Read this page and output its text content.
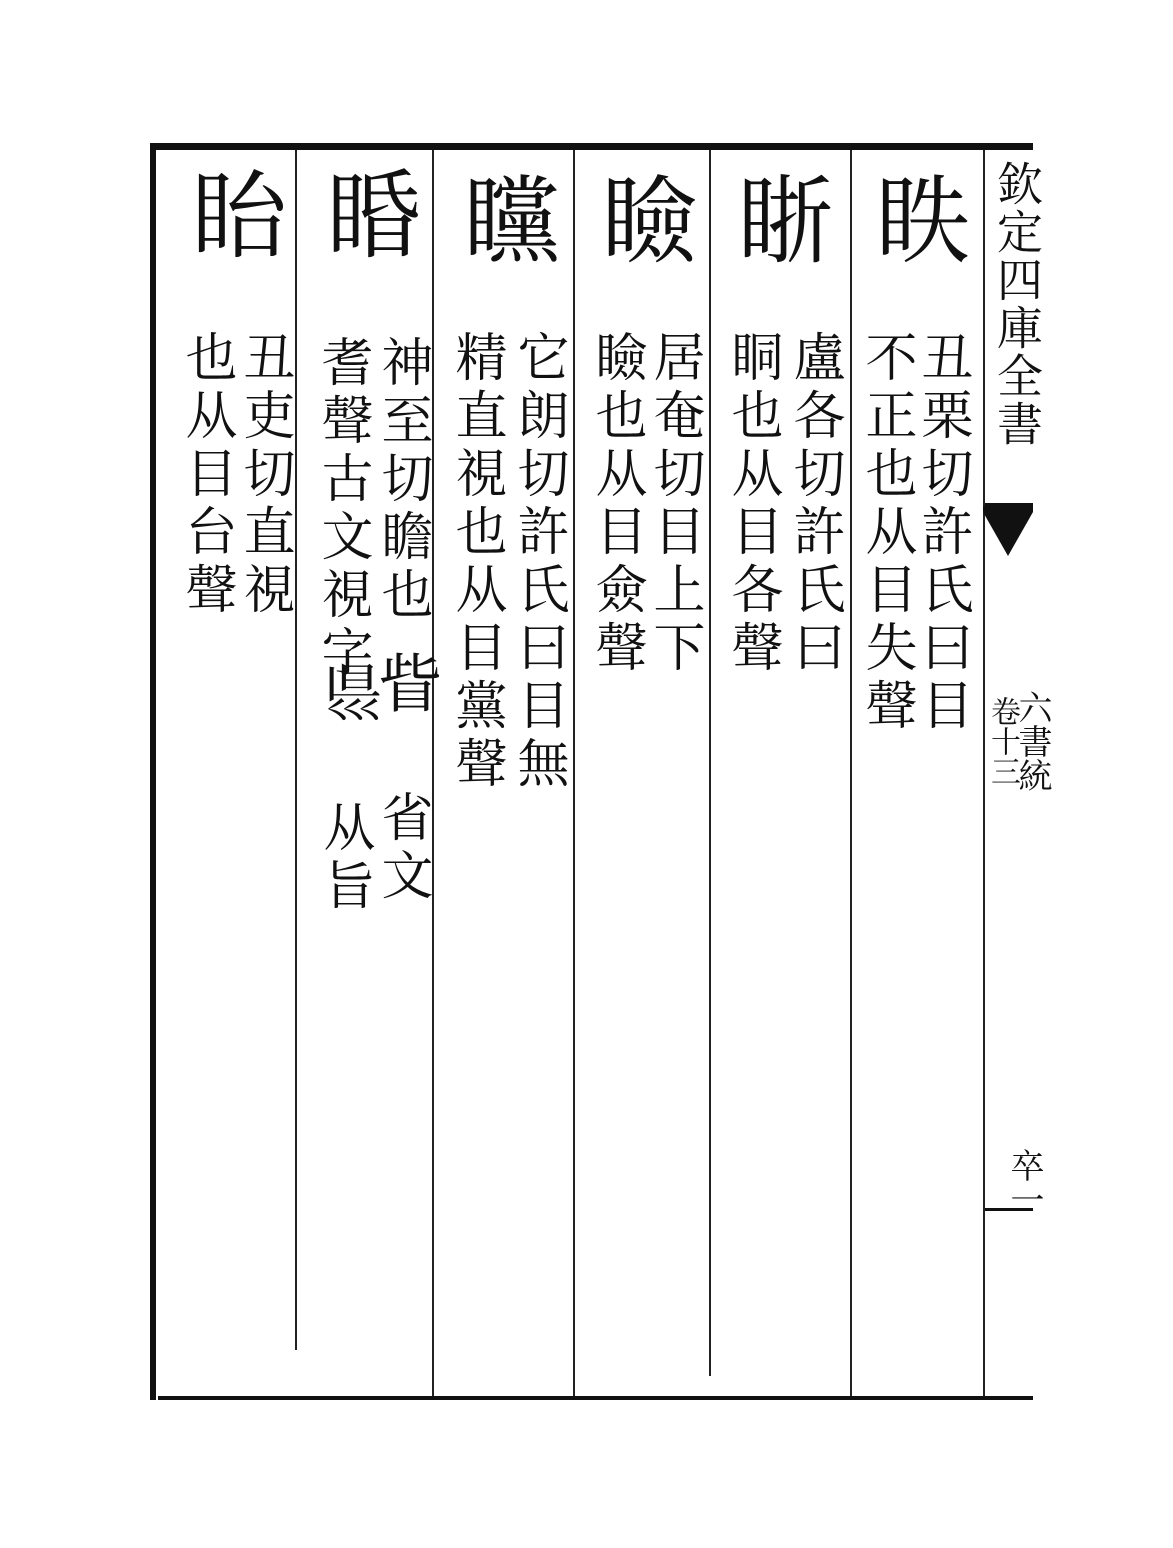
欽定四庫全書
六書統
卷十三
卒一
眣
丑栗切許氏曰目
不正也从目失聲
䀿
盧各切許氏曰
眮也从目各聲
瞼
居奄切目上下
瞼也从目僉聲
矘
它朗切許氏曰目無
精直視也从目黨聲
睧
神至切瞻也
耆聲古文視字
眥
𥄉
省文
从旨
眙
丑吏切直視
也从目台聲
